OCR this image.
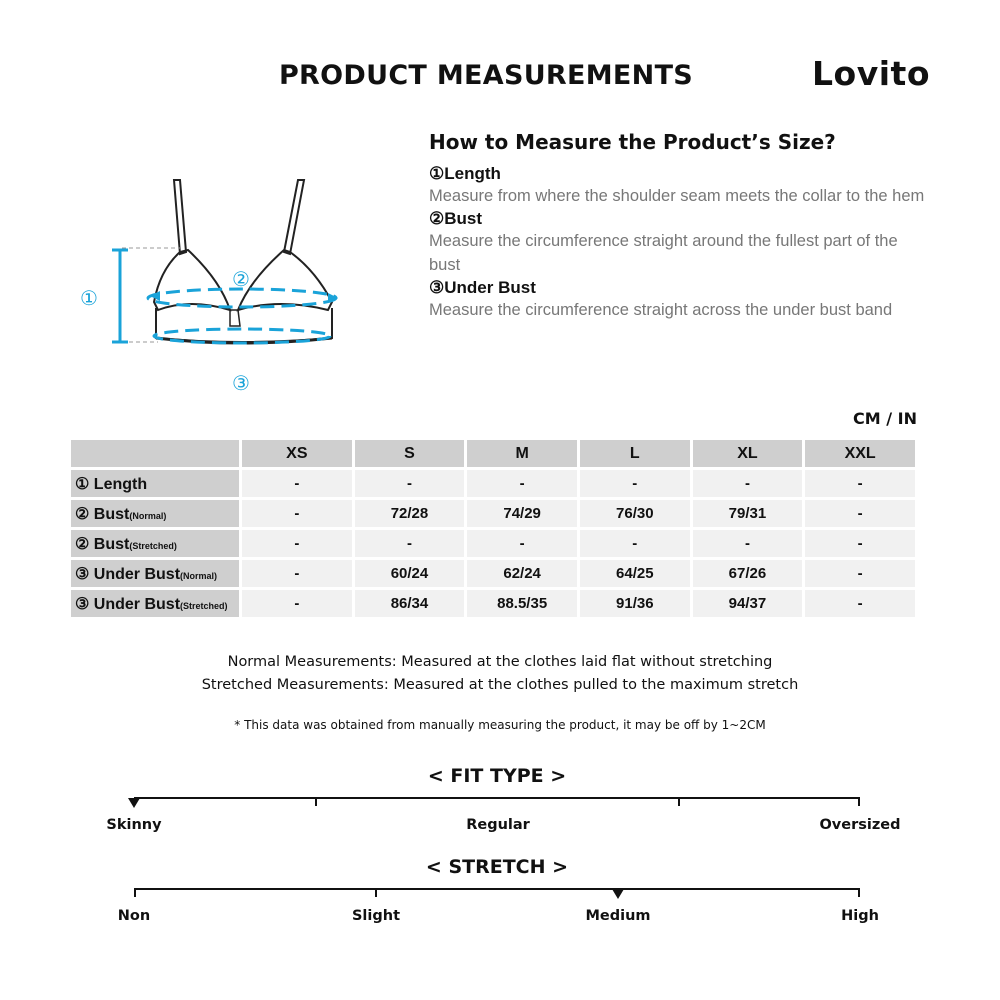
PRODUCT MEASUREMENTS	Lovito
①
②
③
How to Measure the Product’s Size?
①Length
Measure from where the shoulder seam meets the collar to the hem
②Bust
Measure the circumference straight around the fullest part of the bust
③Under Bust
Measure the circumference straight across the under bust band
CM / IN
	XS	S	M	L	XL	XXL
① Length	-	-	-	-	-	-
② Bust(Normal)	-	72/28	74/29	76/30	79/31	-
② Bust(Stretched)	-	-	-	-	-	-
③ Under Bust(Normal)	-	60/24	62/24	64/25	67/26	-
③ Under Bust(Stretched)	-	86/34	88.5/35	91/36	94/37	-
Normal Measurements: Measured at the clothes laid flat without stretching
Stretched Measurements: Measured at the clothes pulled to the maximum stretch
* This data was obtained from manually measuring the product, it may be off by 1~2CM
< FIT TYPE >
Skinny	Regular	Oversized
< STRETCH >
Non	Slight	Medium	High
